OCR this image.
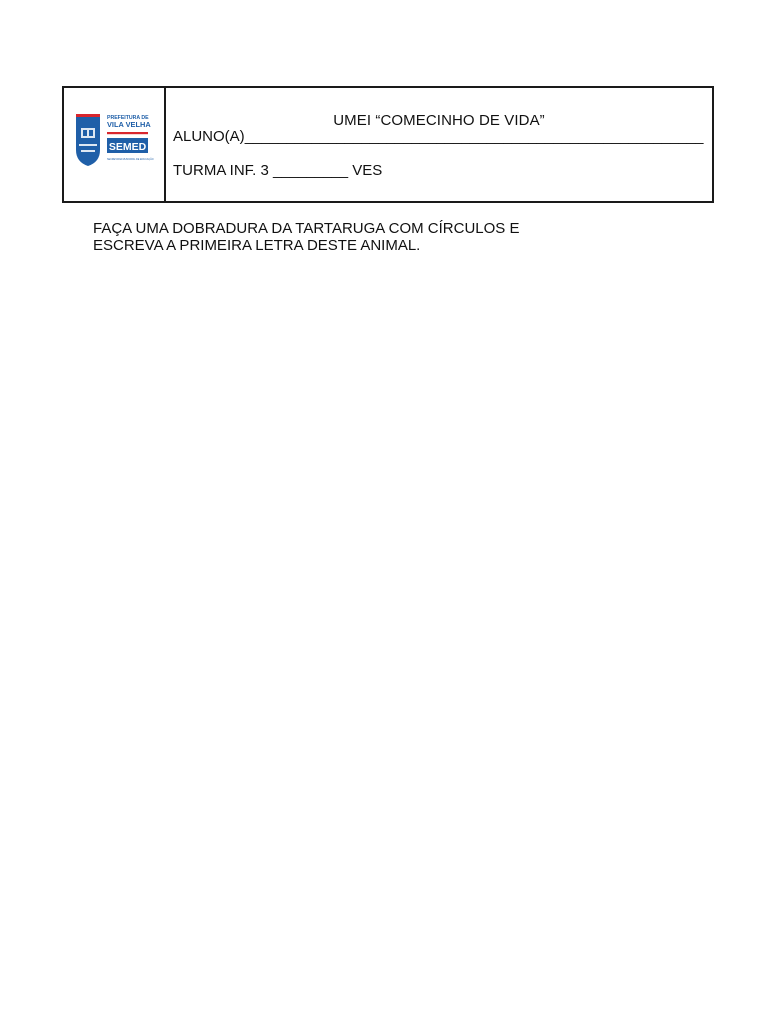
PREFEITURA DE
VILA VELHA
SEMED
SECRETARIA MUNICIPAL DE EDUCAÇÃO
UMEI “COMECINHO DE VIDA”
ALUNO(A)_______________________________________________________
TURMA INF. 3 _________ VES

FAÇA UMA DOBRADURA DA TARTARUGA COM CÍRCULOS E

ESCREVA A PRIMEIRA LETRA DESTE ANIMAL.
